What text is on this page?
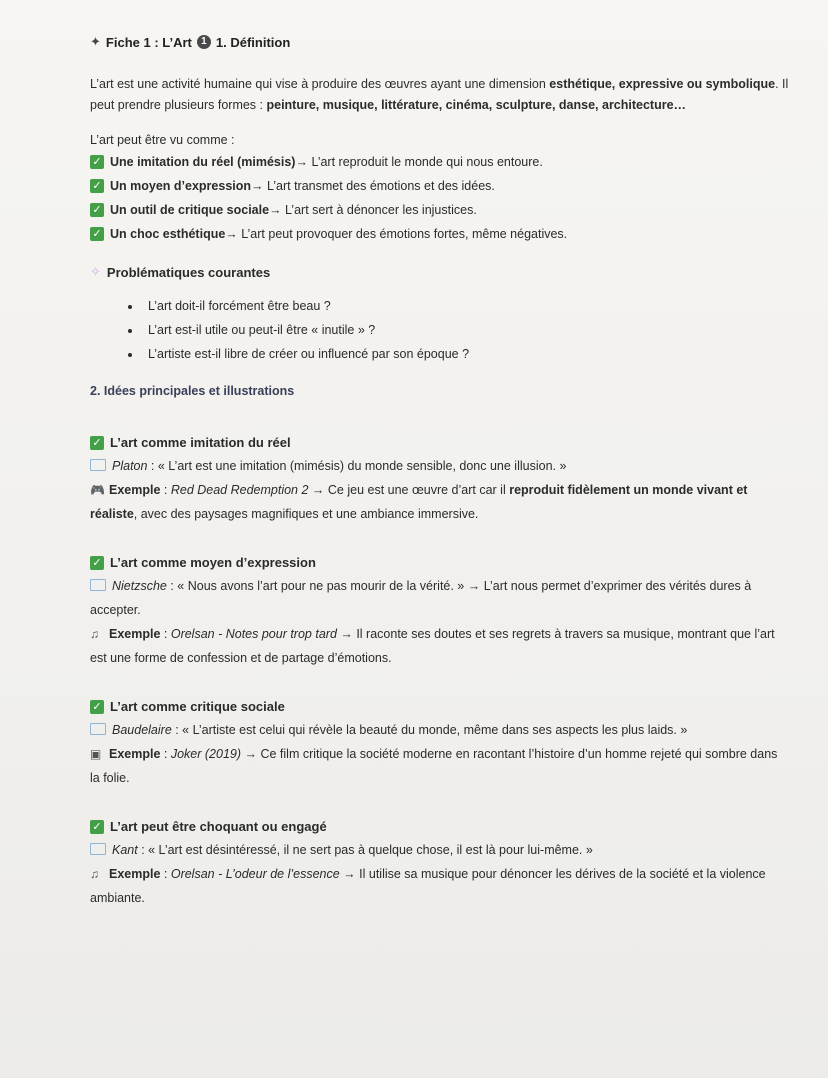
✦ Fiche 1 : L’Art 1 1. Définition

L’art est une activité humaine qui vise à produire des œuvres ayant une dimension esthétique, expressive ou symbolique. Il peut prendre plusieurs formes : peinture, musique, littérature, cinéma, sculpture, danse, architecture…

L’art peut être vu comme :

✓ Une imitation du réel (mimésis) → L’art reproduit le monde qui nous entoure.
✓ Un moyen d’expression → L’art transmet des émotions et des idées.
✓ Un outil de critique sociale → L’art sert à dénoncer les injustices.
✓ Un choc esthétique → L’art peut provoquer des émotions fortes, même négatives.
✧ Problématiques courantes
• L’art doit-il forcément être beau ?
• L’art est-il utile ou peut-il être « inutile » ?
• L’artiste est-il libre de créer ou influencé par son époque ?
2. Idées principales et illustrations
✓ L’art comme imitation du réel
Platon : « L’art est une imitation (mimésis) du monde sensible, donc une illusion. »
🎮 Exemple : Red Dead Redemption 2 → Ce jeu est une œuvre d’art car il reproduit fidèlement un monde vivant et réaliste, avec des paysages magnifiques et une ambiance immersive.
✓ L’art comme moyen d’expression
Nietzsche : « Nous avons l’art pour ne pas mourir de la vérité. » → L’art nous permet d’exprimer des vérités dures à accepter.
♫ Exemple : Orelsan - Notes pour trop tard → Il raconte ses doutes et ses regrets à travers sa musique, montrant que l’art est une forme de confession et de partage d’émotions.
✓ L’art comme critique sociale
Baudelaire : « L’artiste est celui qui révèle la beauté du monde, même dans ses aspects les plus laids. »
▣ Exemple : Joker (2019) → Ce film critique la société moderne en racontant l’histoire d’un homme rejeté qui sombre dans la folie.
✓ L’art peut être choquant ou engagé
Kant : « L’art est désintéressé, il ne sert pas à quelque chose, il est là pour lui-même. »
♫ Exemple : Orelsan - L’odeur de l’essence → Il utilise sa musique pour dénoncer les dérives de la société et la violence ambiante.
